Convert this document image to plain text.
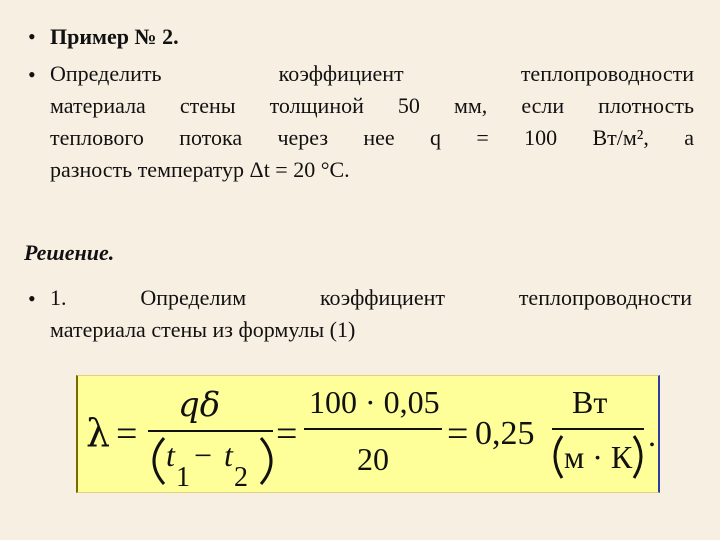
• Пример № 2.
• Определить коэффициент теплопроводности
материала стены толщиной 50 мм, если плотность
теплового потока через нее q = 100 Вт/м², а
разность температур Δt = 20 °С.
Решение.
• 1. Определим коэффициент теплопроводности
материала стены из формулы (1)
λ =
qδ
t
1
− t
2
=
100 · 0,05
20
= 0,25
Вт
м · К
.
